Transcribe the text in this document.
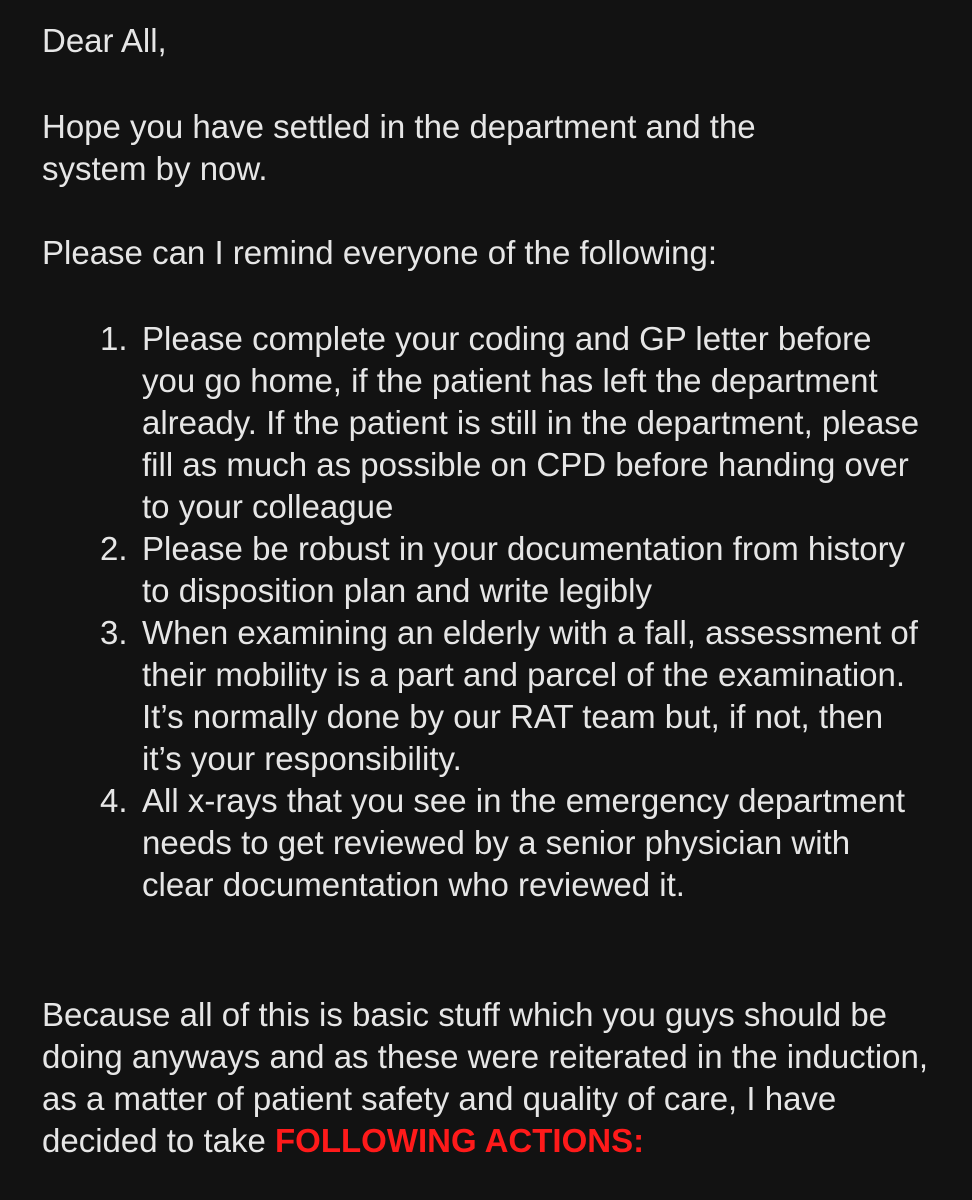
Dear All,

Hope you have settled in the department and the system by now.

Please can I remind everyone of the following:

1. Please complete your coding and GP letter before you go home, if the patient has left the department already. If the patient is still in the department, please fill as much as possible on CPD before handing over to your colleague
2. Please be robust in your documentation from history to disposition plan and write legibly
3. When examining an elderly with a fall, assessment of their mobility is a part and parcel of the examination. It’s normally done by our RAT team but, if not, then it’s your responsibility.
4. All x-rays that you see in the emergency department needs to get reviewed by a senior physician with clear documentation who reviewed it.

Because all of this is basic stuff which you guys should be doing anyways and as these were reiterated in the induction, as a matter of patient safety and quality of care, I have decided to take FOLLOWING ACTIONS:
